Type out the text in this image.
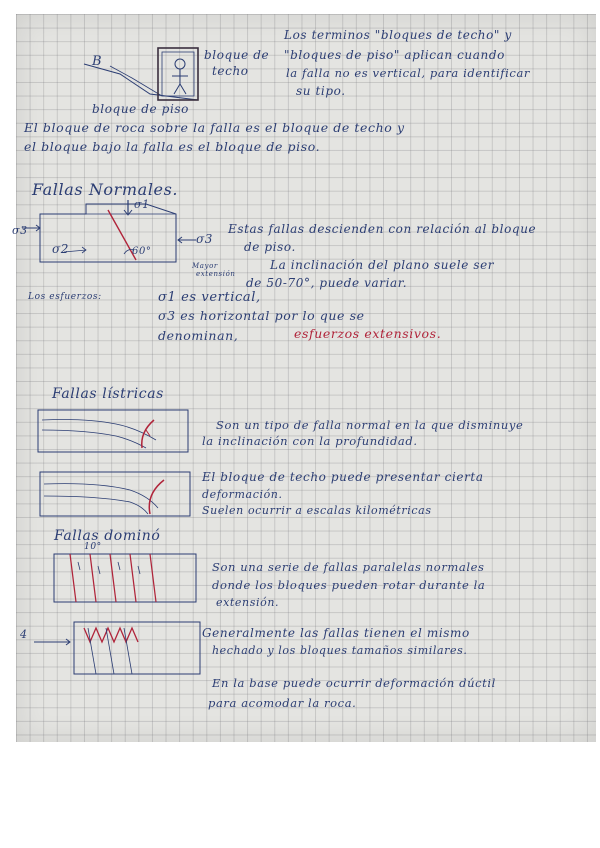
B	bloque de

techo

bloque de piso

Los terminos "bloques de techo" y

"bloques de piso" aplican cuando

la falla no es vertical, para identificar

su tipo.

El bloque de roca sobre la falla es el bloque de techo y

el bloque bajo la falla es el bloque de piso.

Fallas Normales.

σ1

σ2

σ3

σ3

60°

Mayor

extensión

Estas fallas descienden con relación al bloque

de piso.

La inclinación del plano suele ser

de 50-70°, puede variar.

Los esfuerzos:	σ1 es vertical,

σ3 es horizontal por lo que se

denominan,	esfuerzos extensivos.

Fallas lístricas

Son un tipo de falla normal en la que disminuye

la inclinación con la profundidad.

El bloque de techo puede presentar cierta

deformación.

Suelen ocurrir a escalas kilométricas

Fallas dominó

10°

Son una serie de fallas paralelas normales

donde los bloques pueden rotar durante la

extensión.

4	Generalmente las fallas tienen el mismo

hechado y los bloques tamaños similares.

En la base puede ocurrir deformación dúctil

para acomodar la roca.
